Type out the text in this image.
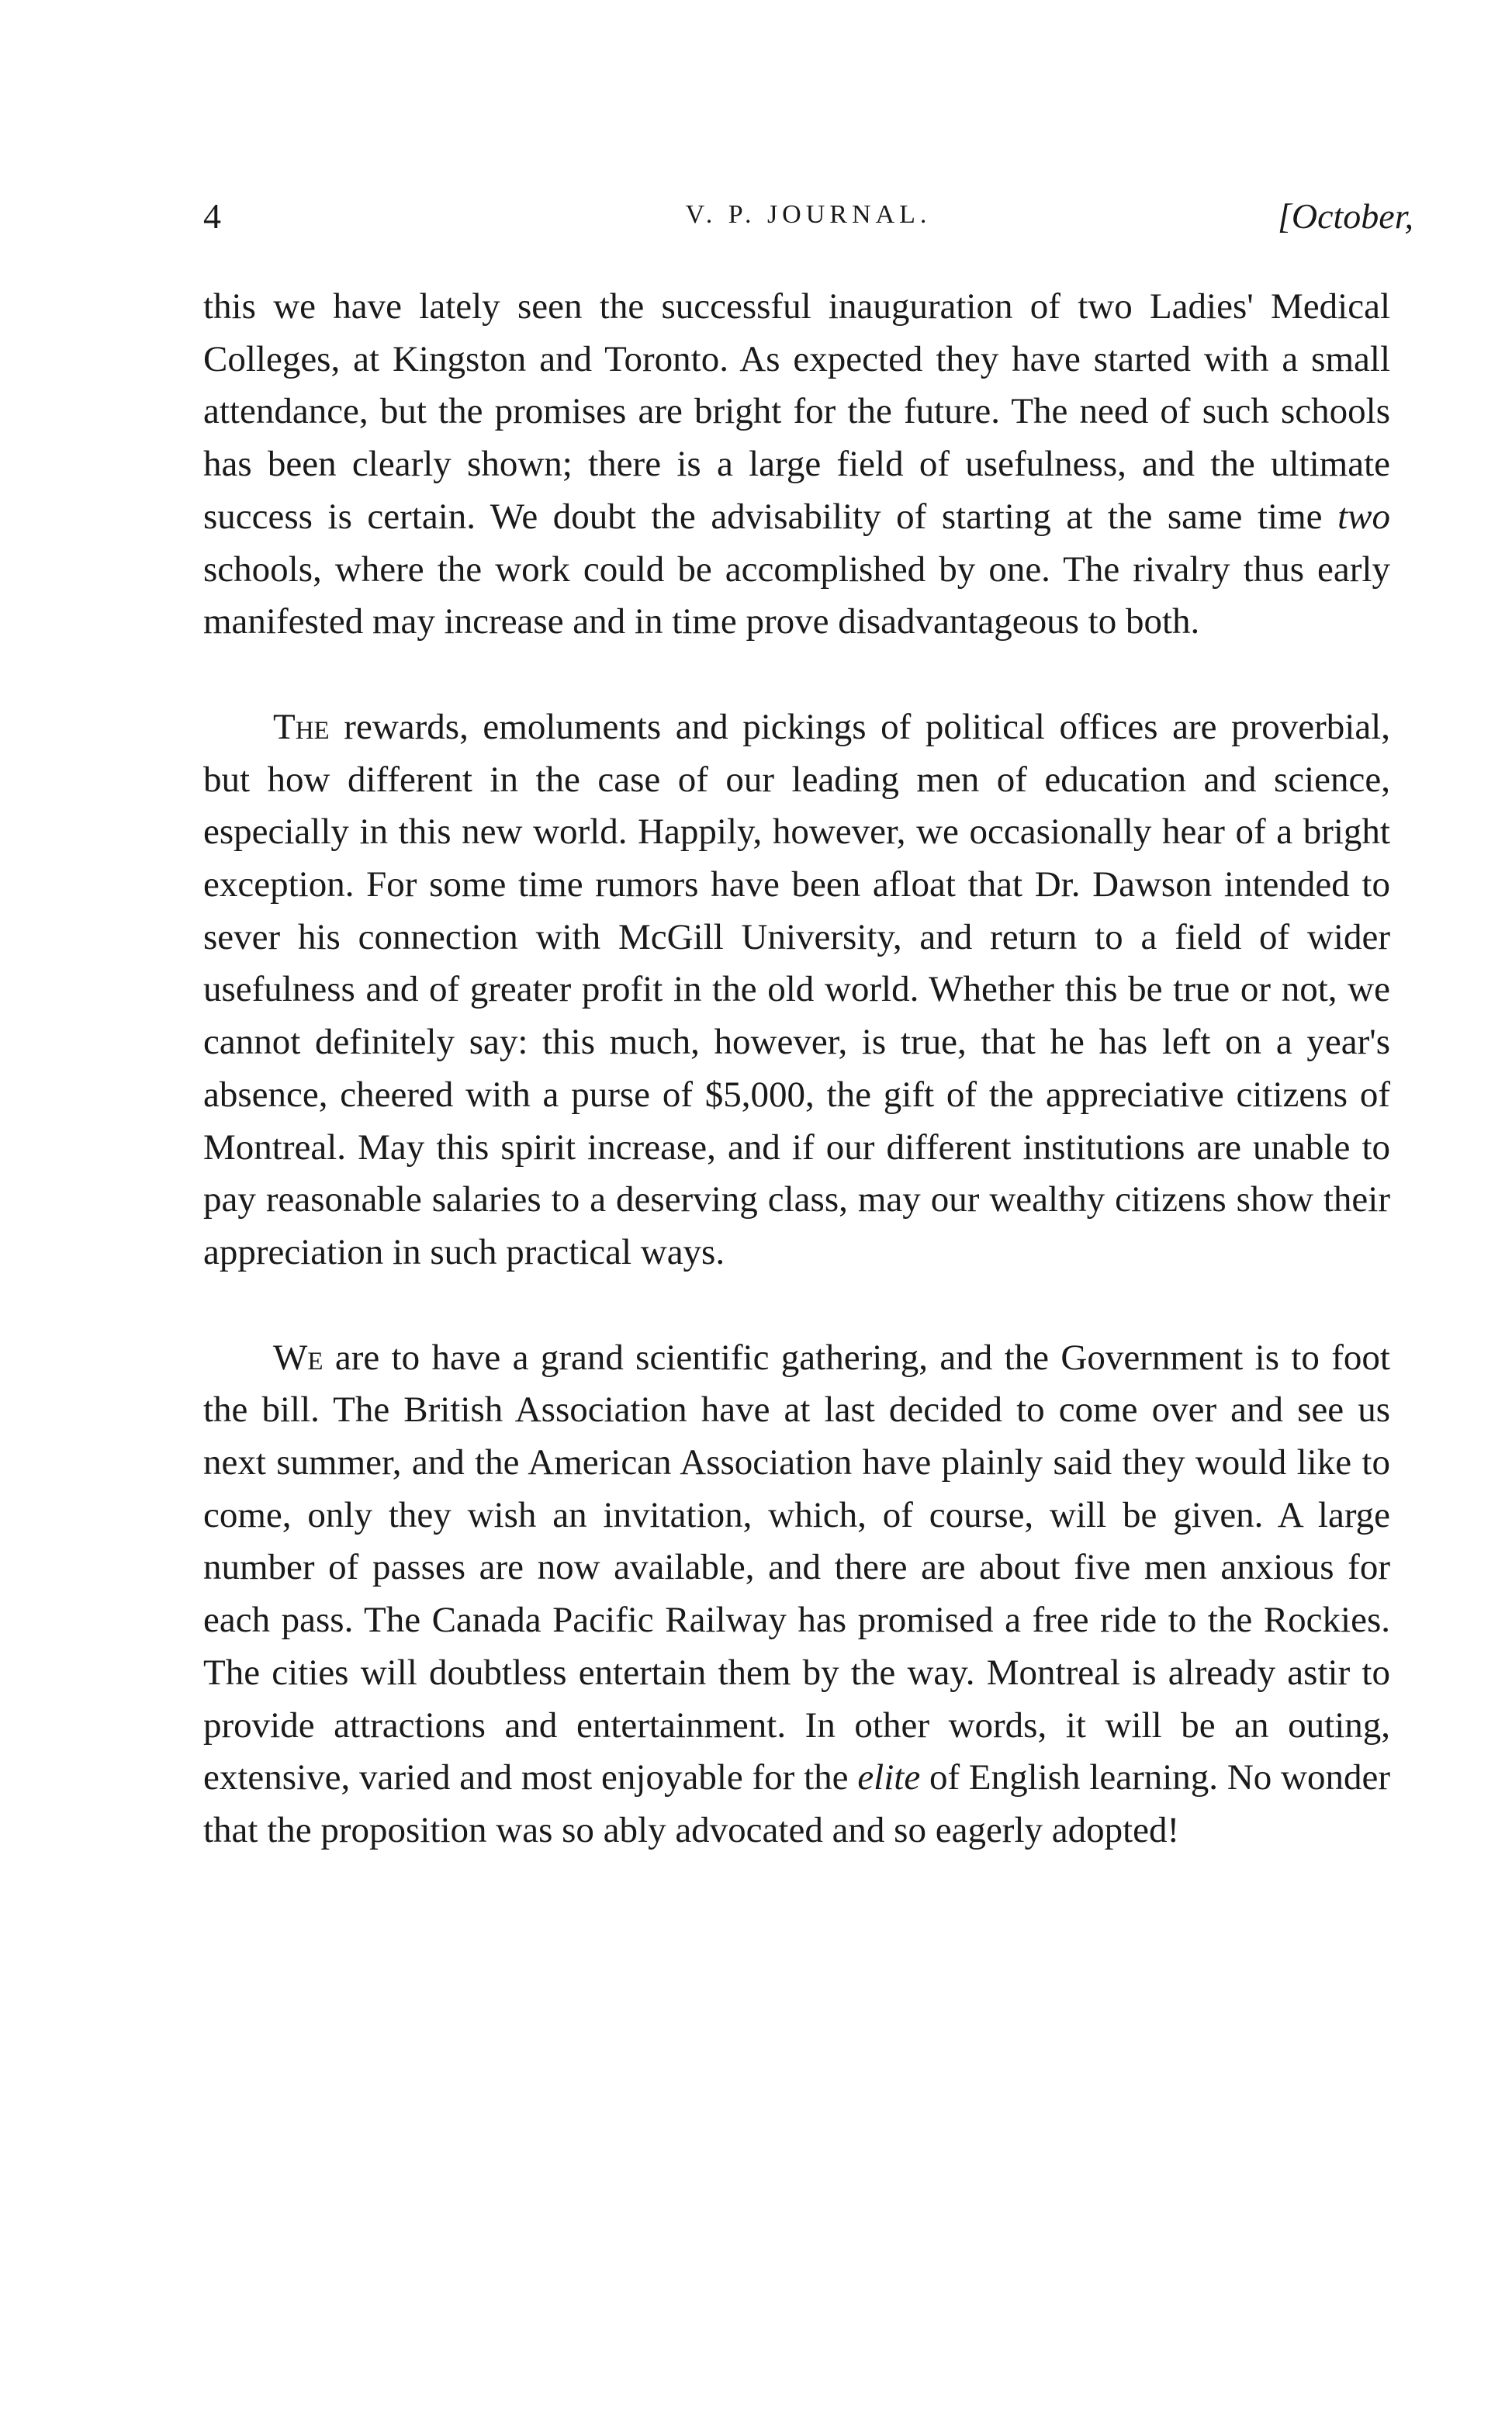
4	V. P. JOURNAL.	[October,

this we have lately seen the successful inauguration of two Ladies' Medical Colleges, at Kingston and Toronto. As expected they have started with a small attendance, but the promises are bright for the future. The need of such schools has been clearly shown; there is a large field of usefulness, and the ultimate success is certain. We doubt the advisability of starting at the same time two schools, where the work could be accomplished by one. The rivalry thus early manifested may increase and in time prove disadvantageous to both.

The rewards, emoluments and pickings of political offices are proverbial, but how different in the case of our leading men of education and science, especially in this new world. Happily, however, we occasionally hear of a bright exception. For some time rumors have been afloat that Dr. Dawson intended to sever his connection with McGill University, and return to a field of wider usefulness and of greater profit in the old world. Whether this be true or not, we cannot definitely say: this much, however, is true, that he has left on a year's absence, cheered with a purse of $5,000, the gift of the appreciative citizens of Montreal. May this spirit increase, and if our different institutions are unable to pay reasonable salaries to a deserving class, may our wealthy citizens show their appreciation in such practical ways.

We are to have a grand scientific gathering, and the Government is to foot the bill. The British Association have at last decided to come over and see us next summer, and the American Association have plainly said they would like to come, only they wish an invitation, which, of course, will be given. A large number of passes are now available, and there are about five men anxious for each pass. The Canada Pacific Railway has promised a free ride to the Rockies. The cities will doubtless entertain them by the way. Montreal is already astir to provide attractions and entertainment. In other words, it will be an outing, extensive, varied and most enjoyable for the elite of English learning. No wonder that the proposition was so ably advocated and so eagerly adopted!
